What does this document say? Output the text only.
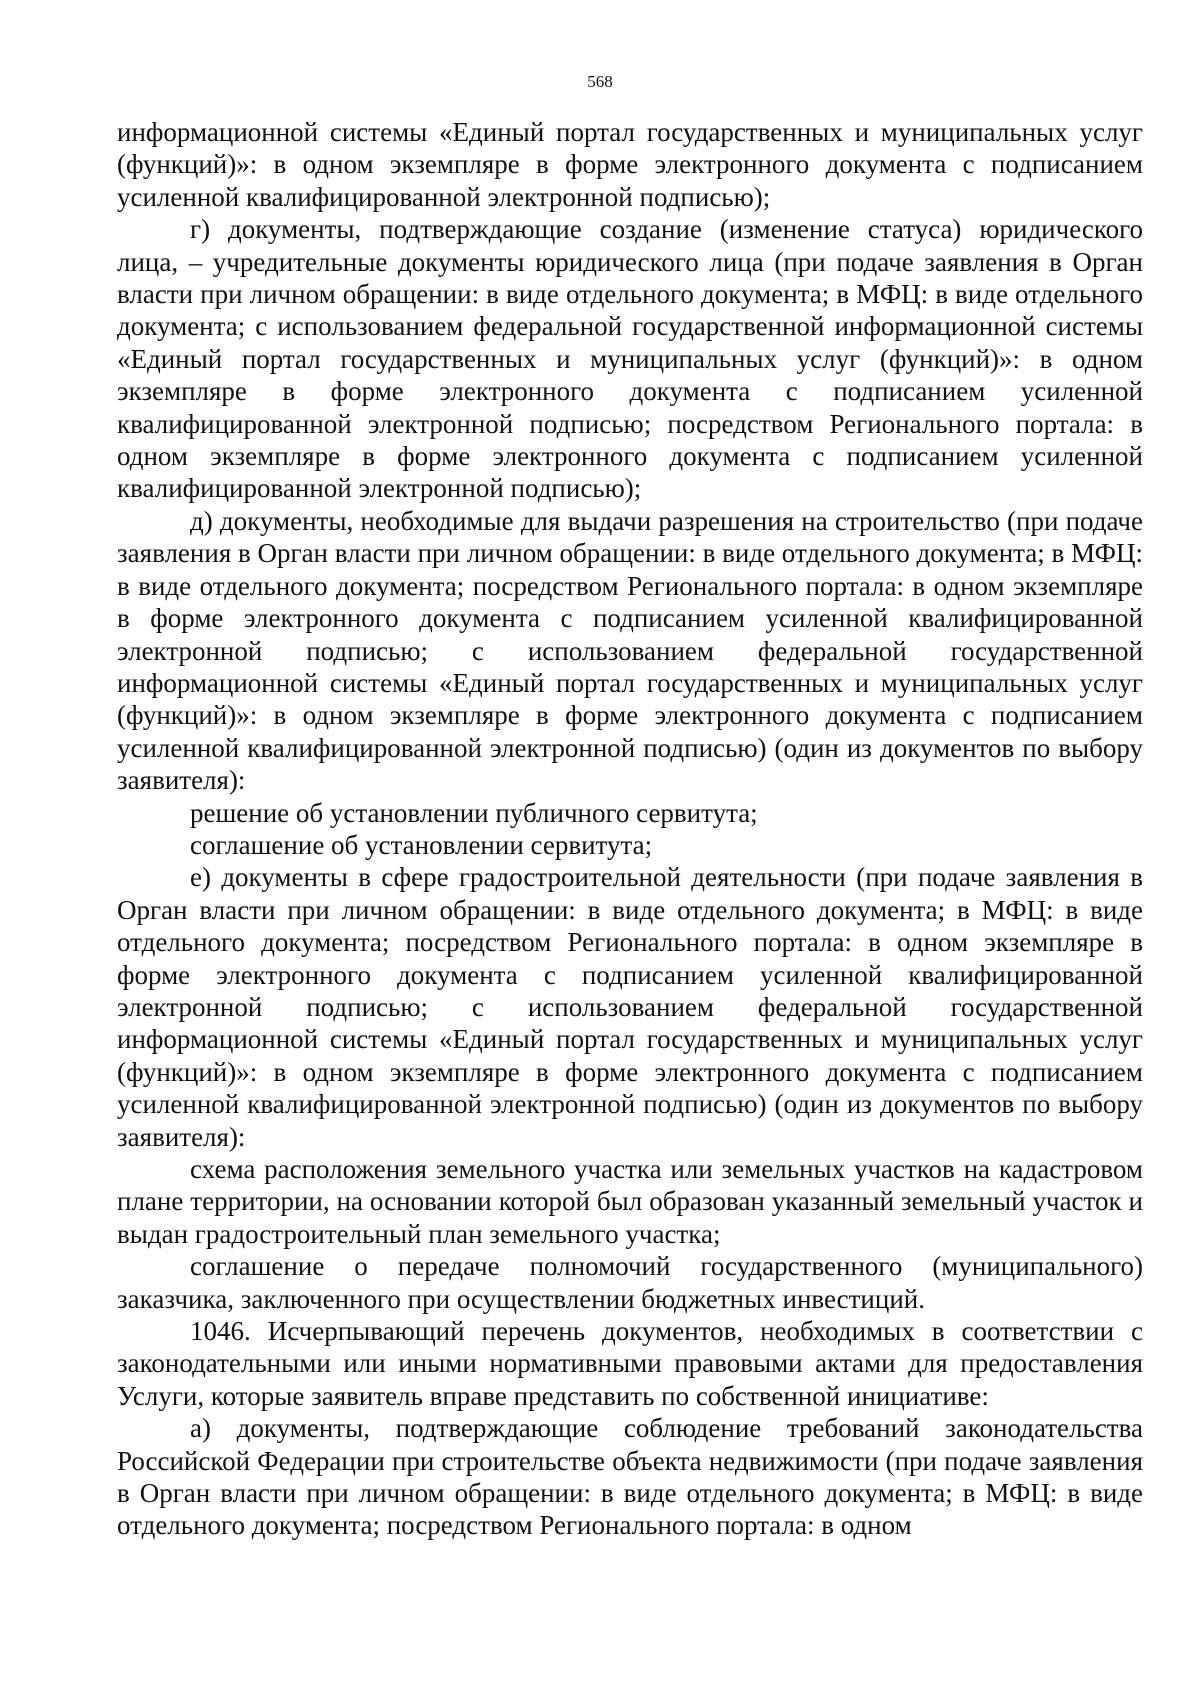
568

информационной системы «Единый портал государственных и муниципальных услуг (функций)»: в одном экземпляре в форме электронного документа с подписанием усиленной квалифицированной электронной подписью);

г) документы, подтверждающие создание (изменение статуса) юридического лица, – учредительные документы юридического лица (при подаче заявления в Орган власти при личном обращении: в виде отдельного документа; в МФЦ: в виде отдельного документа; с использованием федеральной государственной информационной системы «Единый портал государственных и муниципальных услуг (функций)»: в одном экземпляре в форме электронного документа с подписанием усиленной квалифицированной электронной подписью; посредством Регионального портала: в одном экземпляре в форме электронного документа с подписанием усиленной квалифицированной электронной подписью);

д) документы, необходимые для выдачи разрешения на строительство (при подаче заявления в Орган власти при личном обращении: в виде отдельного документа; в МФЦ: в виде отдельного документа; посредством Регионального портала: в одном экземпляре в форме электронного документа с подписанием усиленной квалифицированной электронной подписью; с использованием федеральной государственной информационной системы «Единый портал государственных и муниципальных услуг (функций)»: в одном экземпляре в форме электронного документа с подписанием усиленной квалифицированной электронной подписью) (один из документов по выбору заявителя):

решение об установлении публичного сервитута;

соглашение об установлении сервитута;

е) документы в сфере градостроительной деятельности (при подаче заявления в Орган власти при личном обращении: в виде отдельного документа; в МФЦ: в виде отдельного документа; посредством Регионального портала: в одном экземпляре в форме электронного документа с подписанием усиленной квалифицированной электронной подписью; с использованием федеральной государственной информационной системы «Единый портал государственных и муниципальных услуг (функций)»: в одном экземпляре в форме электронного документа с подписанием усиленной квалифицированной электронной подписью) (один из документов по выбору заявителя):

схема расположения земельного участка или земельных участков на кадастровом плане территории, на основании которой был образован указанный земельный участок и выдан градостроительный план земельного участка;

соглашение о передаче полномочий государственного (муниципального) заказчика, заключенного при осуществлении бюджетных инвестиций.

1046. Исчерпывающий перечень документов, необходимых в соответствии с законодательными или иными нормативными правовыми актами для предоставления Услуги, которые заявитель вправе представить по собственной инициативе:

а) документы, подтверждающие соблюдение требований законодательства Российской Федерации при строительстве объекта недвижимости (при подаче заявления в Орган власти при личном обращении: в виде отдельного документа; в МФЦ: в виде отдельного документа; посредством Регионального портала: в одном
